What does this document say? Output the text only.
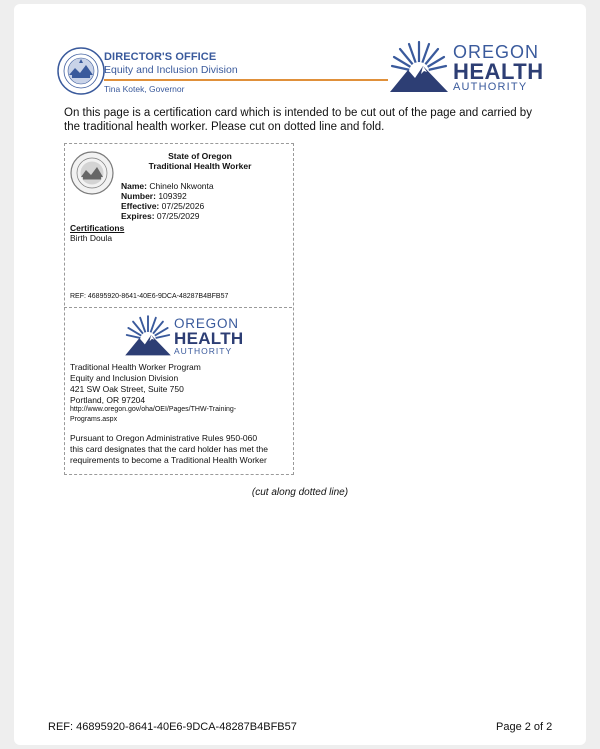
DIRECTOR'S OFFICE
Equity and Inclusion Division
Tina Kotek, Governor
OREGON
HEALTH
AUTHORITY
On this page is a certification card which is intended to be cut out of the page and carried by the traditional health worker. Please cut on dotted line and fold.
State of Oregon
Traditional Health Worker
Name: Chinelo Nkwonta
Number: 109392
Effective: 07/25/2026
Expires: 07/25/2029
Certifications
Birth Doula
REF: 46895920-8641-40E6-9DCA-48287B4BFB57
OREGON
HEALTH
AUTHORITY
Traditional Health Worker Program
Equity and Inclusion Division
421 SW Oak Street, Suite 750
Portland, OR 97204
http://www.oregon.gov/oha/OEI/Pages/THW-Training-
Programs.aspx
Pursuant to Oregon Administrative Rules 950-060
this card designates that the card holder has met the
requirements to become a Traditional Health Worker
(cut along dotted line)
REF: 46895920-8641-40E6-9DCA-48287B4BFB57	Page 2 of 2
